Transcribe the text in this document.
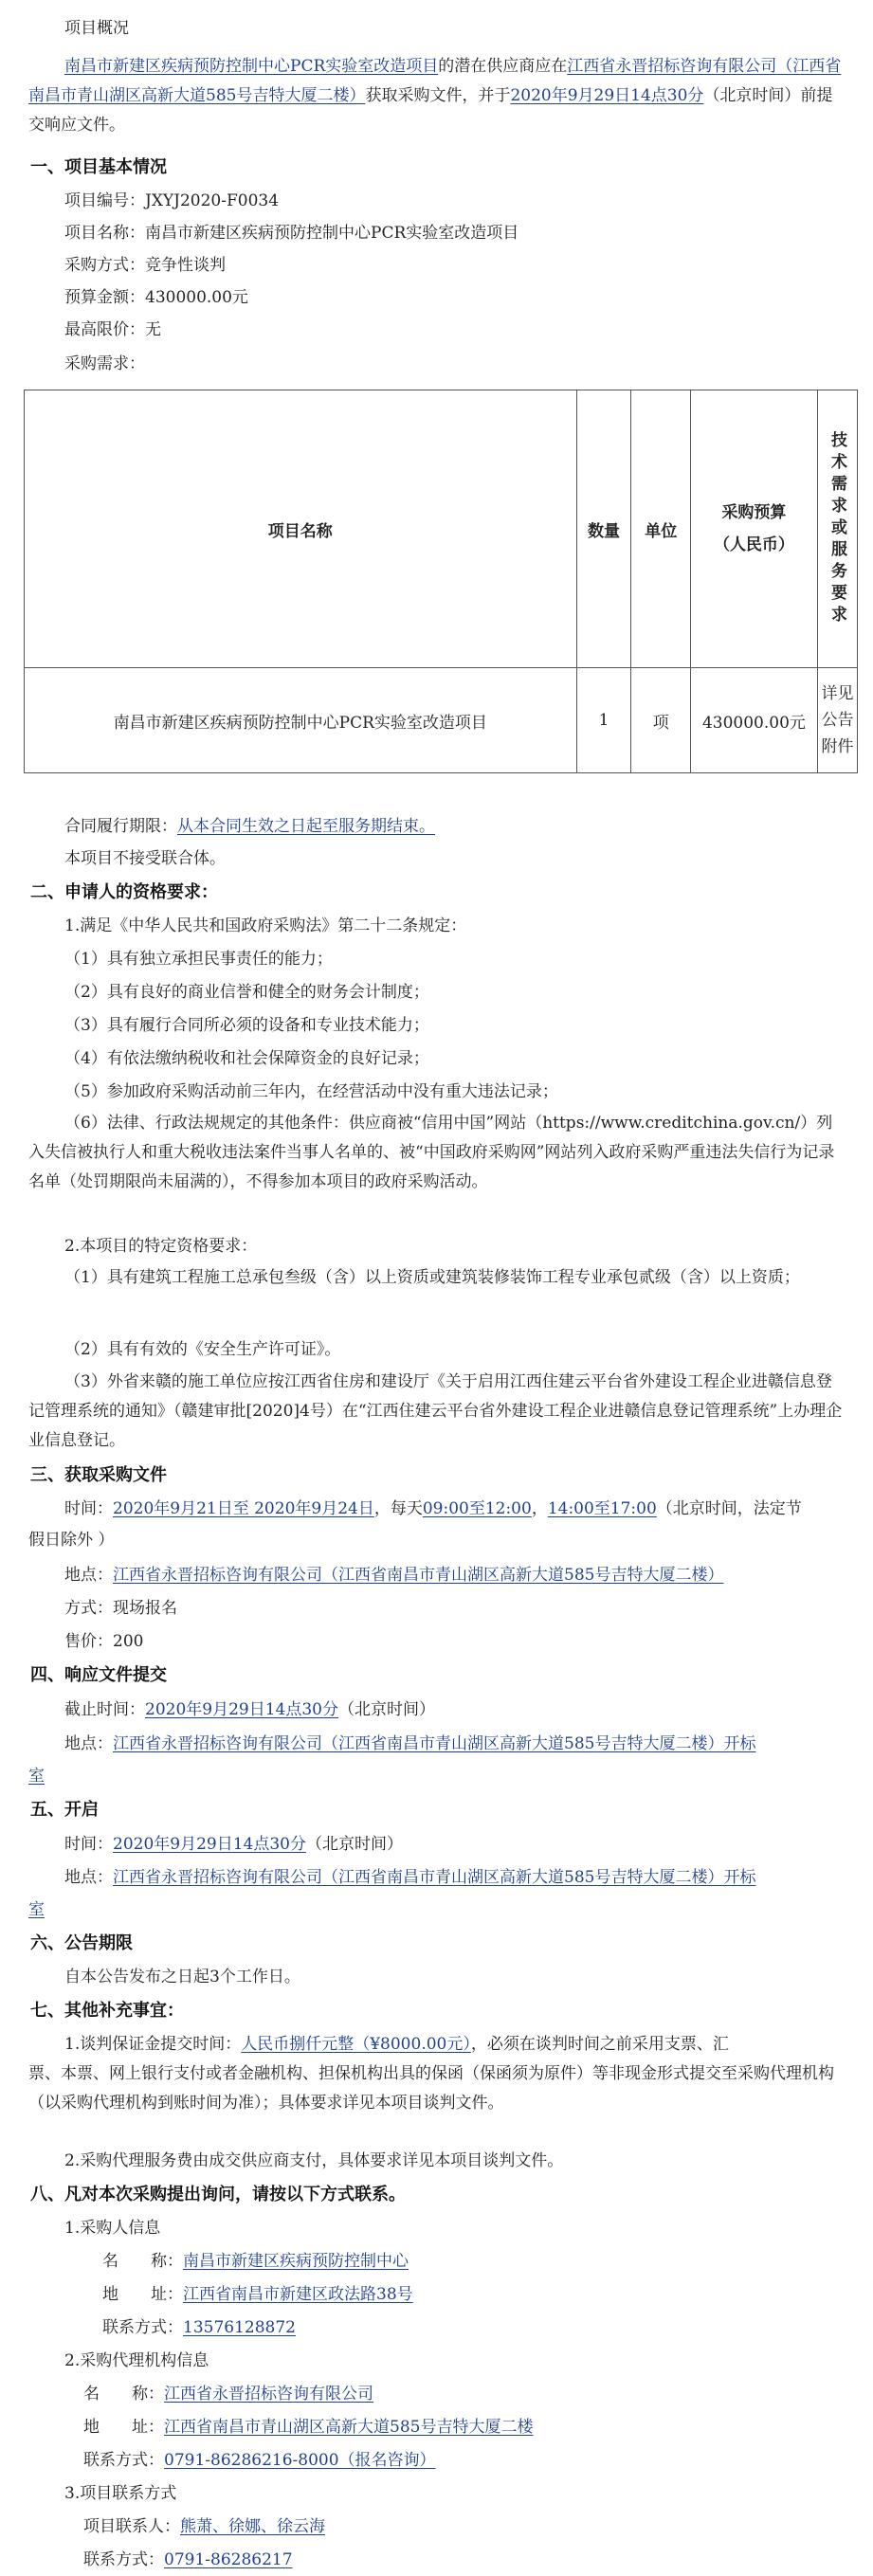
项目概况
南昌市新建区疾病预防控制中心PCR实验室改造项目的潜在供应商应在江西省永晋招标咨询有限公司（江西省南昌市青山湖区高新大道585号吉特大厦二楼）获取采购文件，并于2020年9月29日14点30分（北京时间）前提交响应文件。
一、项目基本情况
项目编号：JXYJ2020-F0034
项目名称：南昌市新建区疾病预防控制中心PCR实验室改造项目
采购方式：竞争性谈判
预算金额：430000.00元
最高限价：无
采购需求：
项目名称	数量	单位	采购预算（人民币）	技术需求或服务要求

南昌市新建区疾病预防控制中心PCR实验室改造项目	1	项	430000.00元	详见公告附件
合同履行期限：从本合同生效之日起至服务期结束。
本项目不接受联合体。
二、申请人的资格要求：
1.满足《中华人民共和国政府采购法》第二十二条规定：
（1）具有独立承担民事责任的能力；
（2）具有良好的商业信誉和健全的财务会计制度；
（3）具有履行合同所必须的设备和专业技术能力；
（4）有依法缴纳税收和社会保障资金的良好记录；
（5）参加政府采购活动前三年内，在经营活动中没有重大违法记录；
（6）法律、行政法规规定的其他条件：供应商被“信用中国”网站（https://www.creditchina.gov.cn/）列入失信被执行人和重大税收违法案件当事人名单的、被“中国政府采购网”网站列入政府采购严重违法失信行为记录名单（处罚期限尚未届满的），不得参加本项目的政府采购活动。
2.本项目的特定资格要求：
（1）具有建筑工程施工总承包叁级（含）以上资质或建筑装修装饰工程专业承包贰级（含）以上资质；
（2）具有有效的《安全生产许可证》。
（3）外省来赣的施工单位应按江西省住房和建设厅《关于启用江西住建云平台省外建设工程企业进赣信息登记管理系统的通知》（赣建审批[2020]4号）在“江西住建云平台省外建设工程企业进赣信息登记管理系统”上办理企业信息登记。
三、获取采购文件
时间：2020年9月21日至 2020年9月24日，每天09:00至12:00，14:00至17:00（北京时间，法定节
假日除外 ）
地点：江西省永晋招标咨询有限公司（江西省南昌市青山湖区高新大道585号吉特大厦二楼）
方式：现场报名
售价：200
四、响应文件提交
截止时间：2020年9月29日14点30分（北京时间）
地点：江西省永晋招标咨询有限公司（江西省南昌市青山湖区高新大道585号吉特大厦二楼）开标
室
五、开启
时间：2020年9月29日14点30分（北京时间）
地点：江西省永晋招标咨询有限公司（江西省南昌市青山湖区高新大道585号吉特大厦二楼）开标
室
六、公告期限
自本公告发布之日起3个工作日。
七、其他补充事宜：
1.谈判保证金提交时间：人民币捌仟元整（¥8000.00元），必须在谈判时间之前采用支票、汇
票、本票、网上银行支付或者金融机构、担保机构出具的保函（保函须为原件）等非现金形式提交至采购代理机构（以采购代理机构到账时间为准）；具体要求详见本项目谈判文件。
2.采购代理服务费由成交供应商支付，具体要求详见本项目谈判文件。
八、凡对本次采购提出询问，请按以下方式联系。
1.采购人信息
名　　称：南昌市新建区疾病预防控制中心
地　　址：江西省南昌市新建区政法路38号
联系方式：13576128872
2.采购代理机构信息
名　　称：江西省永晋招标咨询有限公司
地　　址：江西省南昌市青山湖区高新大道585号吉特大厦二楼
联系方式：0791-86286216-8000（报名咨询）
3.项目联系方式
项目联系人：熊萧、徐娜、徐云海
联系方式：0791-86286217
